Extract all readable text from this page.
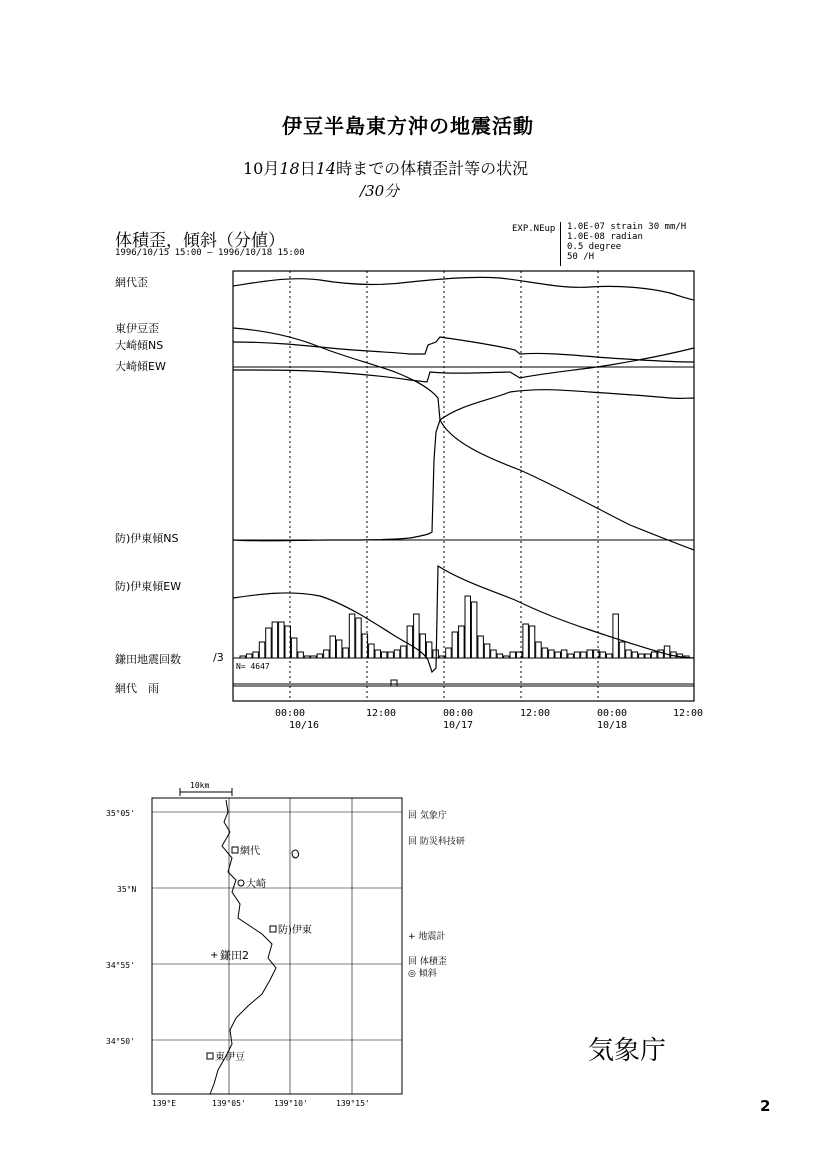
伊豆半島東方沖の地震活動
10月18日14時までの体積歪計等の状況
/30分
体積歪，傾斜（分値）
1996/10/15 15:00 — 1996/10/18 15:00
EXP.NEup 1.0E-07 strain 30 mm/H
1.0E-08 radian
0.5 degree
50 /H
網代歪
東伊豆歪
大崎傾NS
大崎傾EW
防)伊東傾NS
防)伊東傾EW
鎌田地震回数	/3
網代　雨
N= 4647
00:00	12:00	00:00	12:00	00:00	12:00
10/16	10/17	10/18
10km
35°05'
35°N
34°55'
34°50'
139°E	139°05'	139°10'	139°15'
網代
大崎
防)伊東
+ 鎌田2
東伊豆
回 気象庁
回 防災科技研
+ 地震計
回 体積歪
◎ 傾斜
気象庁
2
